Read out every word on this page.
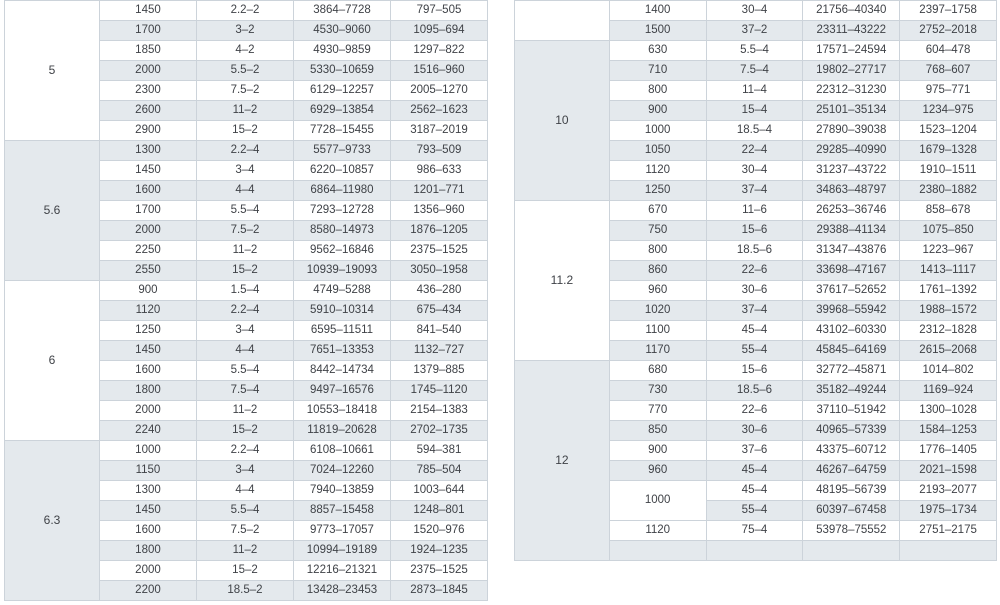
5	1450	2.2–2	3864–7728	797–505
	1700	3–2	4530–9060	1095–694
	1850	4–2	4930–9859	1297–822
	2000	5.5–2	5330–10659	1516–960
	2300	7.5–2	6129–12257	2005–1270
	2600	11–2	6929–13854	2562–1623
	2900	15–2	7728–15455	3187–2019
5.6	1300	2.2–4	5577–9733	793–509
	1450	3–4	6220–10857	986–633
	1600	4–4	6864–11980	1201–771
	1700	5.5–4	7293–12728	1356–960
	2000	7.5–2	8580–14973	1876–1205
	2250	11–2	9562–16846	2375–1525
	2550	15–2	10939–19093	3050–1958
6	900	1.5–4	4749–5288	436–280
	1120	2.2–4	5910–10314	675–434
	1250	3–4	6595–11511	841–540
	1450	4–4	7651–13353	1132–727
	1600	5.5–4	8442–14734	1379–885
	1800	7.5–4	9497–16576	1745–1120
	2000	11–2	10553–18418	2154–1383
	2240	15–2	11819–20628	2702–1735
6.3	1000	2.2–4	6108–10661	594–381
	1150	3–4	7024–12260	785–504
	1300	4–4	7940–13859	1003–644
	1450	5.5–4	8857–15458	1248–801
	1600	7.5–2	9773–17057	1520–976
	1800	11–2	10994–19189	1924–1235
	2000	15–2	12216–21321	2375–1525
	2200	18.5–2	13428–23453	2873–1845
	1400	30–4	21756–40340	2397–1758
	1500	37–2	23311–43222	2752–2018
10	630	5.5–4	17571–24594	604–478
	710	7.5–4	19802–27717	768–607
	800	11–4	22312–31230	975–771
	900	15–4	25101–35134	1234–975
	1000	18.5–4	27890–39038	1523–1204
	1050	22–4	29285–40990	1679–1328
	1120	30–4	31237–43722	1910–1511
	1250	37–4	34863–48797	2380–1882
11.2	670	11–6	26253–36746	858–678
	750	15–6	29388–41134	1075–850
	800	18.5–6	31347–43876	1223–967
	860	22–6	33698–47167	1413–1117
	960	30–6	37617–52652	1761–1392
	1020	37–4	39968–55942	1988–1572
	1100	45–4	43102–60330	2312–1828
	1170	55–4	45845–64169	2615–2068
12	680	15–6	32772–45871	1014–802
	730	18.5–6	35182–49244	1169–924
	770	22–6	37110–51942	1300–1028
	850	30–6	40965–57339	1584–1253
	900	37–6	43375–60712	1776–1405
	960	45–4	46267–64759	2021–1598
	1000	45–4	48195–56739	2193–2077
		55–4	60397–67458	1975–1734
	1120	75–4	53978–75552	2751–2175
